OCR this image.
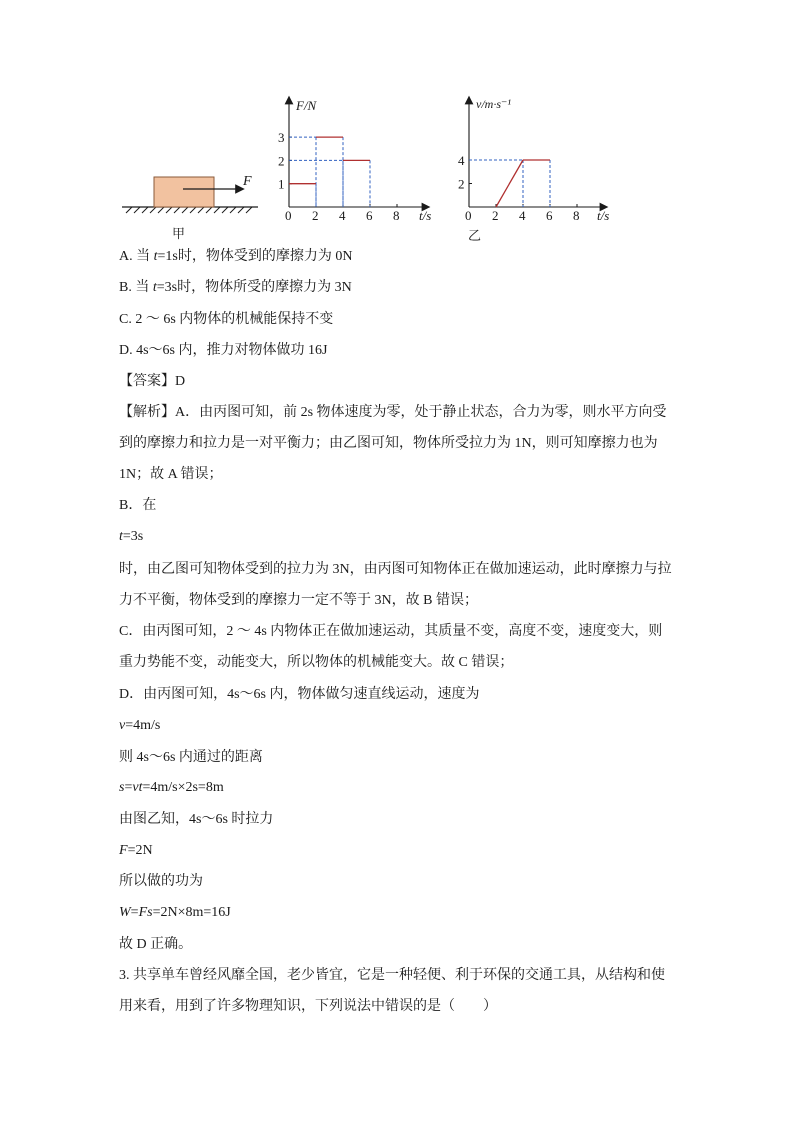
F
甲
F/N
t/s
0 2 4 6 8
1
2
3
v/m·s⁻¹
t/s
0 2 4 6 8
2
4
乙
A. 当 t=1s时，物体受到的摩擦力为 0N
B. 当 t=3s时，物体所受的摩擦力为 3N
C. 2 ～ 6s 内物体的机械能保持不变
D. 4s～6s 内，推力对物体做功 16J
【答案】D
【解析】A．由丙图可知，前 2s 物体速度为零，处于静止状态，合力为零，则水平方向受
到的摩擦力和拉力是一对平衡力；由乙图可知，物体所受拉力为 1N，则可知摩擦力也为
1N；故 A 错误；
B．在
t=3s
时，由乙图可知物体受到的拉力为 3N，由丙图可知物体正在做加速运动，此时摩擦力与拉
力不平衡，物体受到的摩擦力一定不等于 3N，故 B 错误；
C．由丙图可知，2 ～ 4s 内物体正在做加速运动，其质量不变，高度不变，速度变大，则
重力势能不变，动能变大，所以物体的机械能变大。故 C 错误；
D．由丙图可知，4s～6s 内，物体做匀速直线运动，速度为
v=4m/s
则 4s～6s 内通过的距离
s=vt=4m/s×2s=8m
由图乙知，4s～6s 时拉力
F=2N
所以做的功为
W=Fs=2N×8m=16J
故 D 正确。
3. 共享单车曾经风靡全国，老少皆宜，它是一种轻便、利于环保的交通工具，从结构和使
用来看，用到了许多物理知识，下列说法中错误的是（　　）
